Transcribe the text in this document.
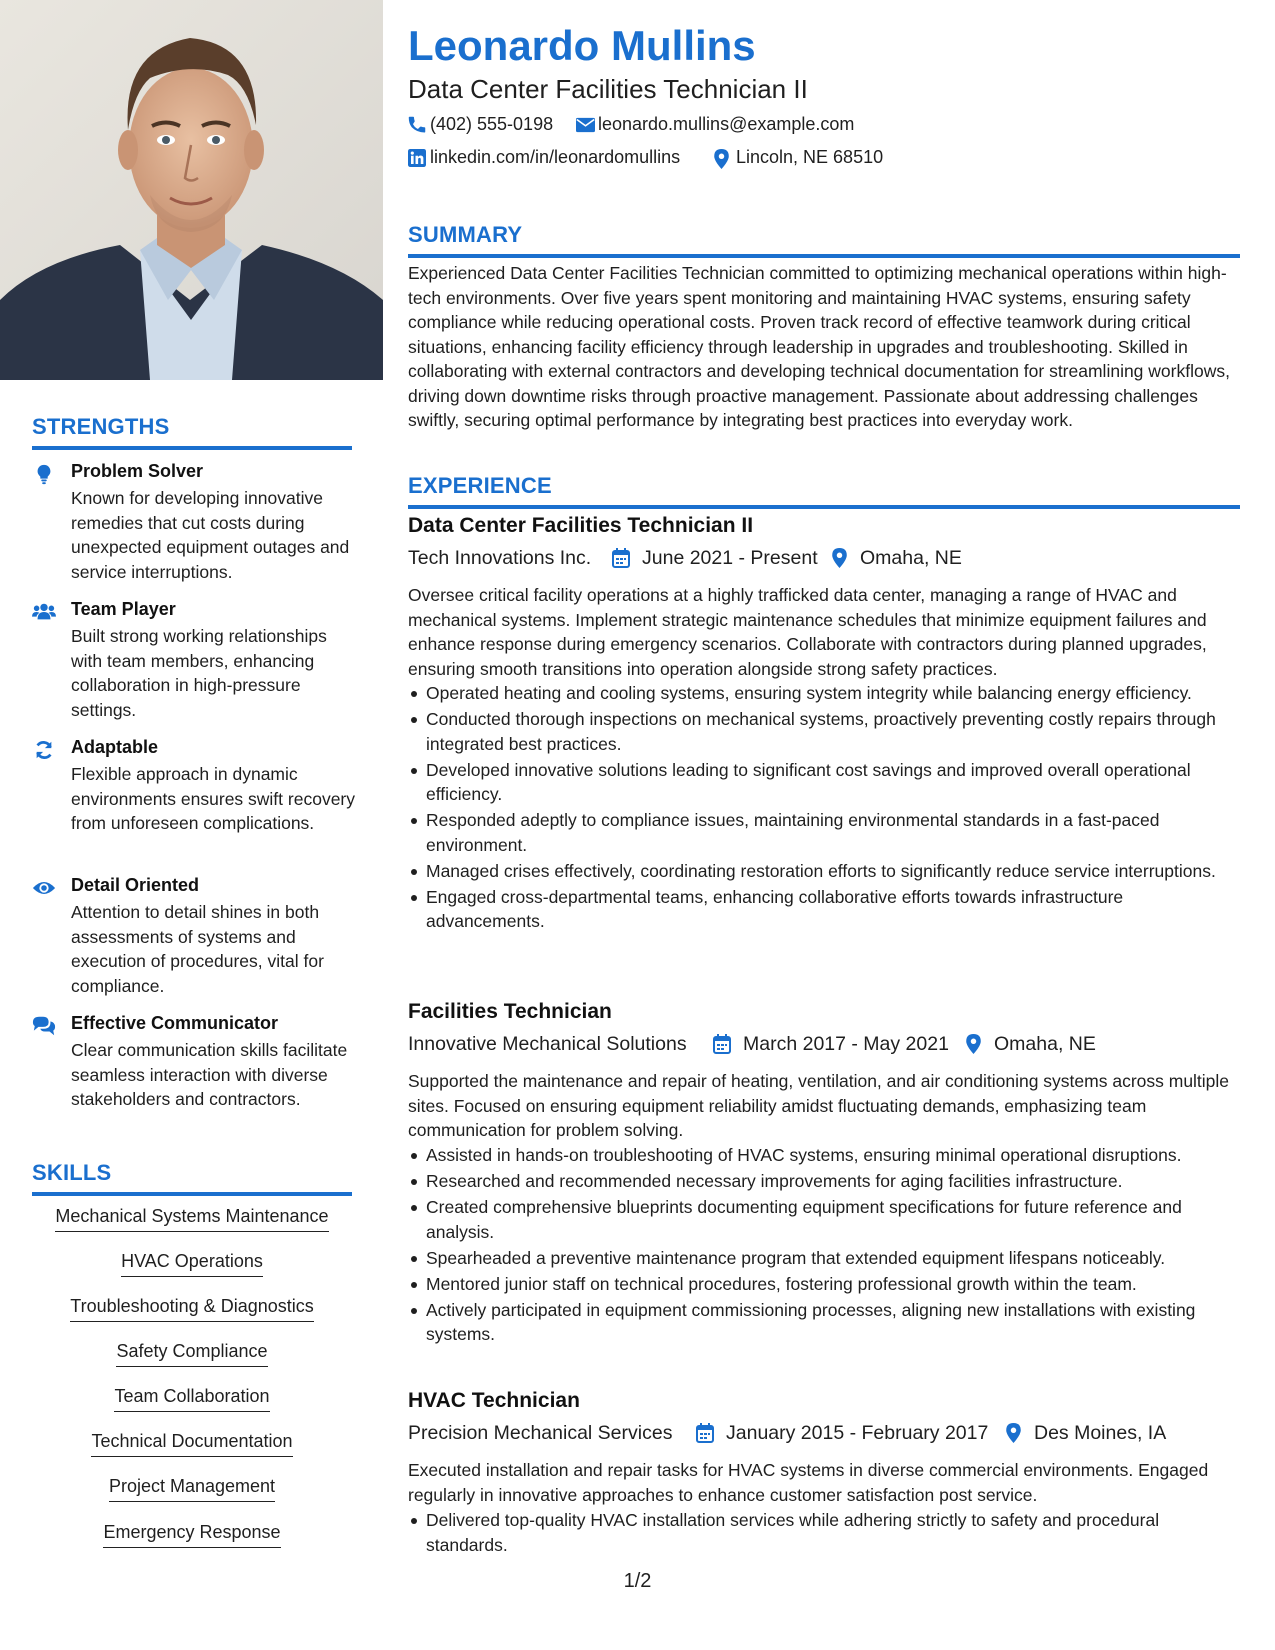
STRENGTHS
Problem Solver
Known for developing innovative remedies that cut costs during unexpected equipment outages and service interruptions.
Team Player
Built strong working relationships with team members, enhancing collaboration in high-pressure settings.
Adaptable
Flexible approach in dynamic environments ensures swift recovery from unforeseen complications.
Detail Oriented
Attention to detail shines in both assessments of systems and execution of procedures, vital for compliance.
Effective Communicator
Clear communication skills facilitate seamless interaction with diverse stakeholders and contractors.
SKILLS
Mechanical Systems Maintenance
HVAC Operations
Troubleshooting & Diagnostics
Safety Compliance
Team Collaboration
Technical Documentation
Project Management
Emergency Response
Leonardo Mullins
Data Center Facilities Technician II
(402) 555-0198 leonardo.mullins@example.com
linkedin.com/in/leonardomullins	Lincoln, NE 68510
SUMMARY
Experienced Data Center Facilities Technician committed to optimizing mechanical operations within high-tech environments. Over five years spent monitoring and maintaining HVAC systems, ensuring safety compliance while reducing operational costs. Proven track record of effective teamwork during critical situations, enhancing facility efficiency through leadership in upgrades and troubleshooting. Skilled in collaborating with external contractors and developing technical documentation for streamlining workflows, driving down downtime risks through proactive management. Passionate about addressing challenges swiftly, securing optimal performance by integrating best practices into everyday work.
EXPERIENCE
Data Center Facilities Technician II
Tech Innovations Inc.	June 2021 - Present Omaha, NE
Oversee critical facility operations at a highly trafficked data center, managing a range of HVAC and mechanical systems. Implement strategic maintenance schedules that minimize equipment failures and enhance response during emergency scenarios. Collaborate with contractors during planned upgrades, ensuring smooth transitions into operation alongside strong safety practices.
Operated heating and cooling systems, ensuring system integrity while balancing energy efficiency.
Conducted thorough inspections on mechanical systems, proactively preventing costly repairs through integrated best practices.
Developed innovative solutions leading to significant cost savings and improved overall operational efficiency.
Responded adeptly to compliance issues, maintaining environmental standards in a fast-paced environment.
Managed crises effectively, coordinating restoration efforts to significantly reduce service interruptions.
Engaged cross-departmental teams, enhancing collaborative efforts towards infrastructure advancements.
Facilities Technician
Innovative Mechanical Solutions	March 2017 - May 2021 Omaha, NE
Supported the maintenance and repair of heating, ventilation, and air conditioning systems across multiple sites. Focused on ensuring equipment reliability amidst fluctuating demands, emphasizing team communication for problem solving.
Assisted in hands-on troubleshooting of HVAC systems, ensuring minimal operational disruptions.
Researched and recommended necessary improvements for aging facilities infrastructure.
Created comprehensive blueprints documenting equipment specifications for future reference and analysis.
Spearheaded a preventive maintenance program that extended equipment lifespans noticeably.
Mentored junior staff on technical procedures, fostering professional growth within the team.
Actively participated in equipment commissioning processes, aligning new installations with existing systems.
HVAC Technician
Precision Mechanical Services	January 2015 - February 2017 Des Moines, IA
Executed installation and repair tasks for HVAC systems in diverse commercial environments. Engaged regularly in innovative approaches to enhance customer satisfaction post service.
Delivered top-quality HVAC installation services while adhering strictly to safety and procedural standards.
1/2
